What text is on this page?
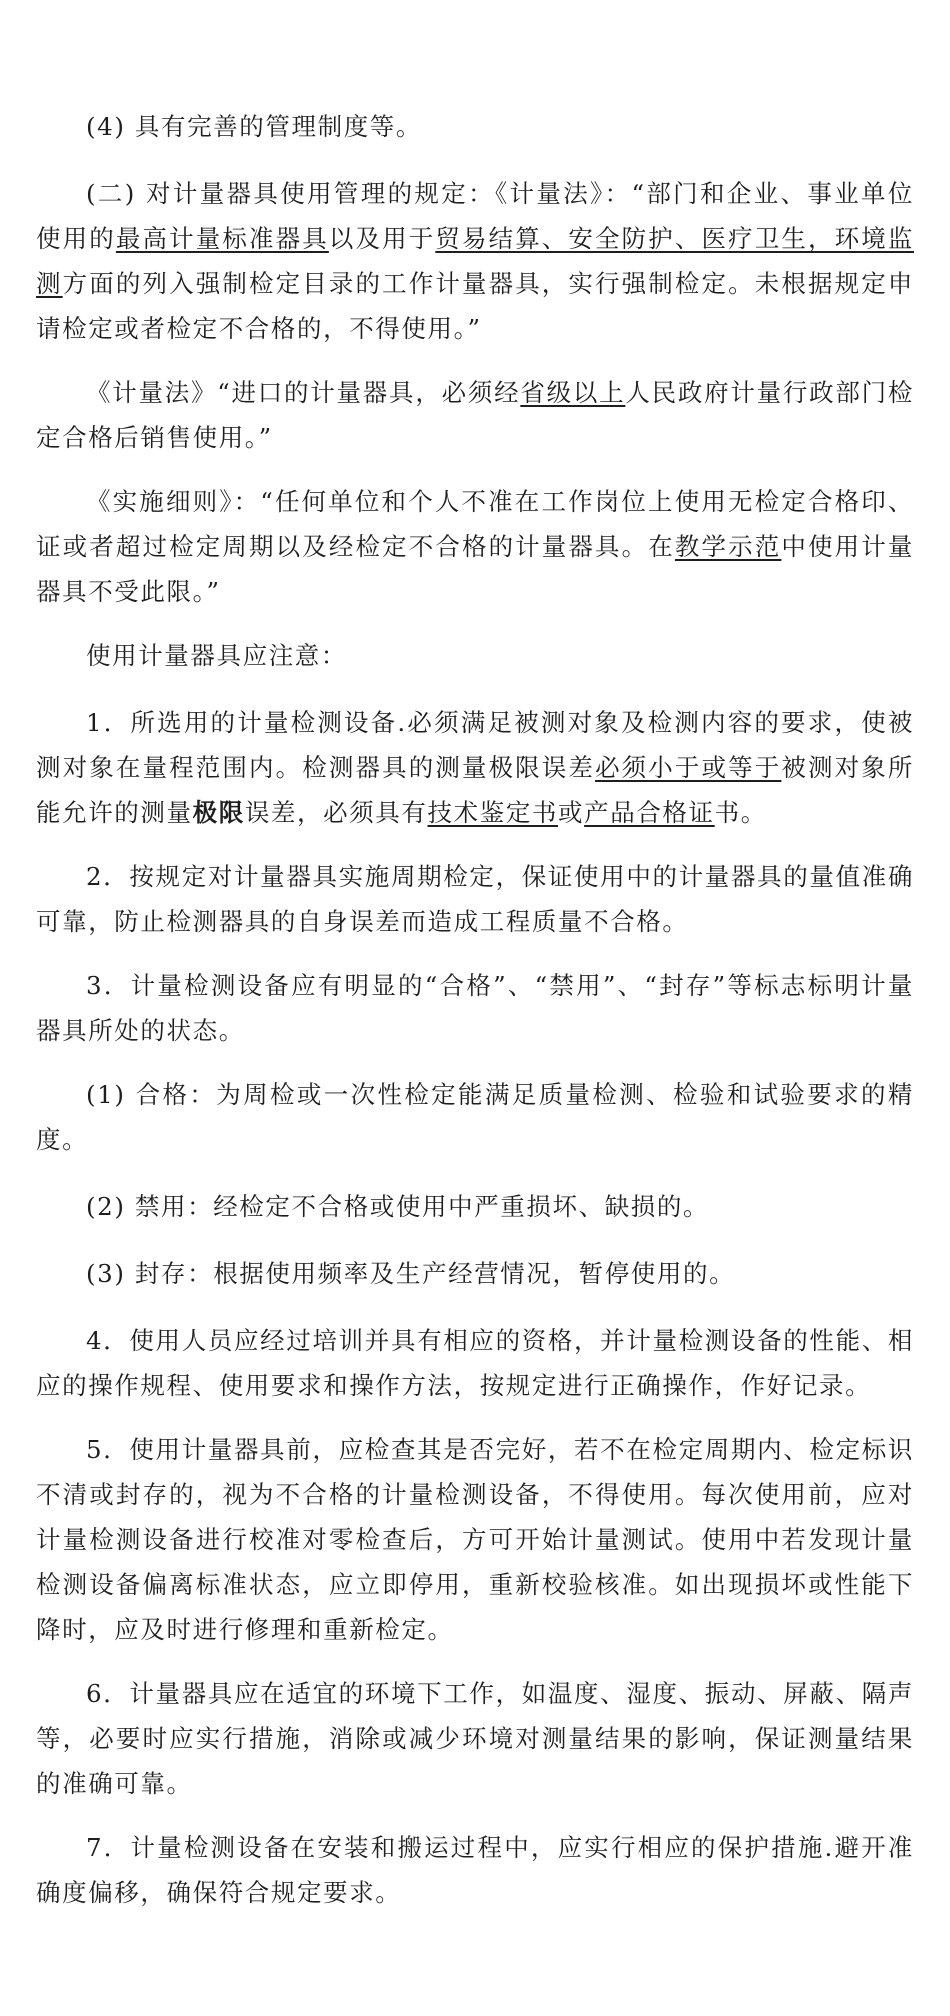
(4) 具有完善的管理制度等。

(二) 对计量器具使用管理的规定：《计量法》：“部门和企业、事业单位使用的最高计量标准器具以及用于贸易结算、安全防护、医疗卫生，环境监测方面的列入强制检定目录的工作计量器具，实行强制检定。未根据规定申请检定或者检定不合格的，不得使用。”

《计量法》“进口的计量器具，必须经省级以上人民政府计量行政部门检定合格后销售使用。”

《实施细则》：“任何单位和个人不准在工作岗位上使用无检定合格印、证或者超过检定周期以及经检定不合格的计量器具。在教学示范中使用计量器具不受此限。”

使用计量器具应注意：

1．所选用的计量检测设备.必须满足被测对象及检测内容的要求，使被测对象在量程范围内。检测器具的测量极限误差必须小于或等于被测对象所能允许的测量极限误差，必须具有技术鉴定书或产品合格证书。

2．按规定对计量器具实施周期检定，保证使用中的计量器具的量值准确可靠，防止检测器具的自身误差而造成工程质量不合格。

3．计量检测设备应有明显的“合格”、“禁用”、“封存”等标志标明计量器具所处的状态。

(1) 合格：为周检或一次性检定能满足质量检测、检验和试验要求的精度。

(2) 禁用：经检定不合格或使用中严重损坏、缺损的。

(3) 封存：根据使用频率及生产经营情况，暂停使用的。

4．使用人员应经过培训并具有相应的资格，并计量检测设备的性能、相应的操作规程、使用要求和操作方法，按规定进行正确操作，作好记录。

5．使用计量器具前，应检查其是否完好，若不在检定周期内、检定标识不清或封存的，视为不合格的计量检测设备，不得使用。每次使用前，应对计量检测设备进行校准对零检查后，方可开始计量测试。使用中若发现计量检测设备偏离标准状态，应立即停用，重新校验核准。如出现损坏或性能下降时，应及时进行修理和重新检定。

6．计量器具应在适宜的环境下工作，如温度、湿度、振动、屏蔽、隔声等，必要时应实行措施，消除或减少环境对测量结果的影响，保证测量结果的准确可靠。

7．计量检测设备在安装和搬运过程中，应实行相应的保护措施.避开准确度偏移，确保符合规定要求。
